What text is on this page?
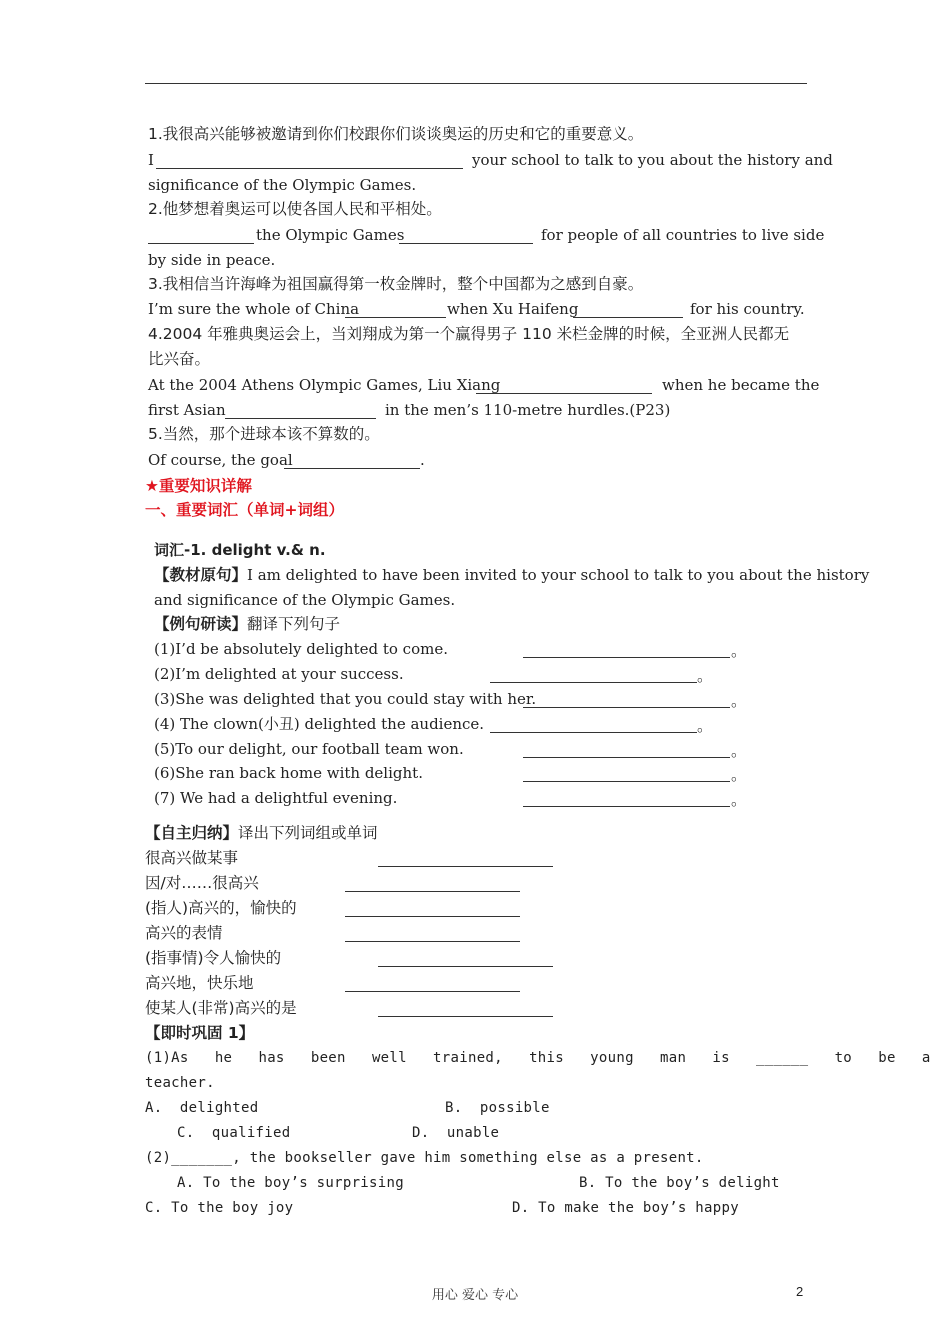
1.我很高兴能够被邀请到你们校跟你们谈谈奥运的历史和它的重要意义。
I	your school to talk to you about the history and
significance of the Olympic Games.
2.他梦想着奥运可以使各国人民和平相处。
the Olympic Games	for people of all countries to live side
by side in peace.
3.我相信当许海峰为祖国赢得第一枚金牌时，整个中国都为之感到自豪。
I’m sure the whole of China	when Xu Haifeng	for his country.
4.2004 年雅典奥运会上，当刘翔成为第一个赢得男子 110 米栏金牌的时候，全亚洲人民都无
比兴奋。
At the 2004 Athens Olympic Games, Liu Xiang	when he became the
first Asian	in the men’s 110-metre hurdles.(P23)
5.当然，那个进球本该不算数的。
Of course, the goal	.
★重要知识详解
一、重要词汇（单词+词组）
词汇-1. delight v.& n.
【教材原句】I am delighted to have been invited to your school to talk to you about the history
and significance of the Olympic Games.
【例句研读】翻译下列句子
(1)I’d be absolutely delighted to come.	。
(2)I’m delighted at your success.	。
(3)She was delighted that you could stay with her.	。
(4) The clown(小丑) delighted the audience.	。
(5)To our delight, our football team won.	。
(6)She ran back home with delight.	。
(7) We had a delightful evening.	。
【自主归纳】译出下列词组或单词
很高兴做某事
因/对……很高兴
(指人)高兴的，愉快的
高兴的表情
(指事情)令人愉快的
高兴地，快乐地
使某人(非常)高兴的是
【即时巩固 1】
(1)As   he   has   been   well   trained,   this   young   man   is   ______   to   be   a
teacher.
A.  delighted	B.  possible
C.  qualified	D.  unable
(2)_______, the bookseller gave him something else as a present.
A. To the boy’s surprising	B. To the boy’s delight
C. To the boy joy	D. To make the boy’s happy
用心 爱心 专心	2
